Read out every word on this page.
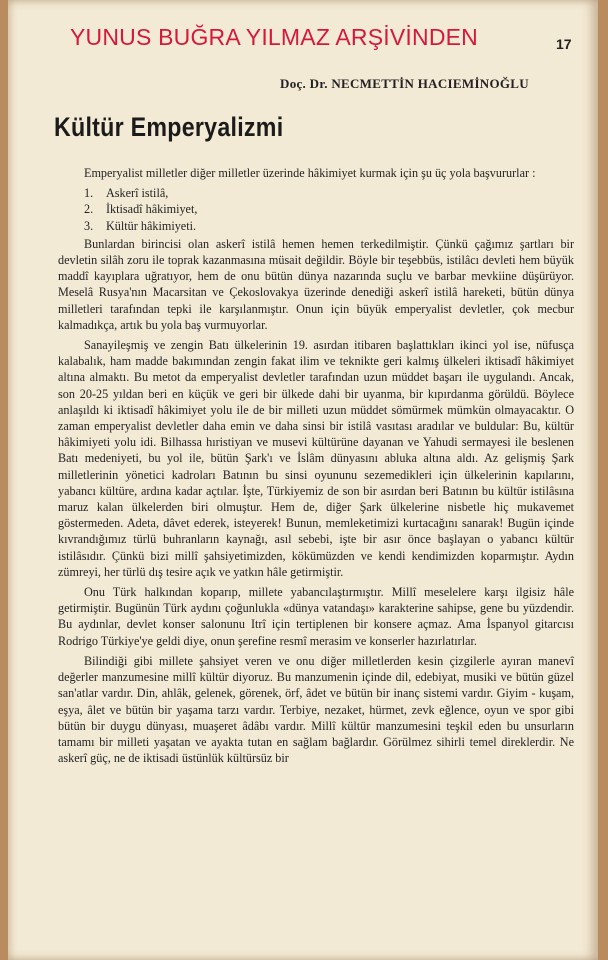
YUNUS BUĞRA YILMAZ ARŞİVİNDEN	17
Doç. Dr. NECMETTİN HACIEMİNOĞLU
Kültür Emperyalizmi

Emperyalist milletler diğer milletler üzerinde hâkimiyet kurmak için şu üç yola başvururlar :

1. Askerî istilâ,
2. İktisadî hâkimiyet,
3. Kültür hâkimiyeti.

Bunlardan birincisi olan askerî istilâ hemen hemen terkedilmiştir. Çünkü çağımız şartları bir devletin silâh zoru ile toprak kazanmasına müsait değildir. Böyle bir teşebbüs, istilâcı devleti hem büyük maddî kayıplara uğratıyor, hem de onu bütün dünya nazarında suçlu ve barbar mevkiine düşürüyor. Meselâ Rusya'nın Macarsitan ve Çekoslovakya üzerinde denediği askerî istilâ hareketi, bütün dünya milletleri tarafından tepki ile karşılanmıştır. Onun için büyük emperyalist devletler, çok mecbur kalmadıkça, artık bu yola baş vurmuyorlar.

Sanayileşmiş ve zengin Batı ülkelerinin 19. asırdan itibaren başlattıkları ikinci yol ise, nüfusça kalabalık, ham madde bakımından zengin fakat ilim ve teknikte geri kalmış ülkeleri iktisadî hâkimiyet altına almaktı. Bu metot da emperyalist devletler tarafından uzun müddet başarı ile uygulandı. Ancak, son 20-25 yıldan beri en küçük ve geri bir ülkede dahi bir uyanma, bir kıpırdanma görüldü. Böylece anlaşıldı ki iktisadî hâkimiyet yolu ile de bir milleti uzun müddet sömürmek mümkün olmayacaktır. O zaman emperyalist devletler daha emin ve daha sinsi bir istilâ vasıtası aradılar ve buldular: Bu, kültür hâkimiyeti yolu idi. Bilhassa hıristiyan ve musevi kültürüne dayanan ve Yahudi sermayesi ile beslenen Batı medeniyeti, bu yol ile, bütün Şark'ı ve İslâm dünyasını abluka altına aldı. Az gelişmiş Şark milletlerinin yönetici kadroları Batının bu sinsi oyununu sezemedikleri için ülkelerinin kapılarını, yabancı kültüre, ardına kadar açtılar. İşte, Türkiyemiz de son bir asırdan beri Batının bu kültür istilâsına maruz kalan ülkelerden biri olmuştur. Hem de, diğer Şark ülkelerine nisbetle hiç mukavemet göstermeden. Adeta, dâvet ederek, isteyerek! Bunun, memleketimizi kurtacağını sanarak! Bugün içinde kıvrandığımız türlü buhranların kaynağı, asıl sebebi, işte bir asır önce başlayan o yabancı kültür istilâsıdır. Çünkü bizi millî şahsiyetimizden, kökümüzden ve kendi kendimizden koparmıştır. Aydın zümreyi, her türlü dış tesire açık ve yatkın hâle getirmiştir.

Onu Türk halkından koparıp, millete yabancılaştırmıştır. Millî meselelere karşı ilgisiz hâle getirmiştir. Bugünün Türk aydını çoğunlukla «dünya vatandaşı» karakterine sahipse, gene bu yüzdendir. Bu aydınlar, devlet konser salonunu Itrî için tertiplenen bir konsere açmaz. Ama İspanyol gitarcısı Rodrigo Türkiye'ye geldi diye, onun şerefine resmî merasim ve konserler hazırlatırlar.

Bilindiği gibi millete şahsiyet veren ve onu diğer milletlerden kesin çizgilerle ayıran manevî değerler manzumesine millî kültür diyoruz. Bu manzumenin içinde dil, edebiyat, musiki ve bütün güzel san'atlar vardır. Din, ahlâk, gelenek, görenek, örf, âdet ve bütün bir inanç sistemi vardır. Giyim - kuşam, eşya, âlet ve bütün bir yaşama tarzı vardır. Terbiye, nezaket, hürmet, zevk eğlence, oyun ve spor gibi bütün bir duygu dünyası, muaşeret âdâbı vardır. Millî kültür manzumesini teşkil eden bu unsurların tamamı bir milleti yaşatan ve ayakta tutan en sağlam bağlardır. Görülmez sihirli temel direklerdir. Ne askerî güç, ne de iktisadi üstünlük kültürsüz bir
